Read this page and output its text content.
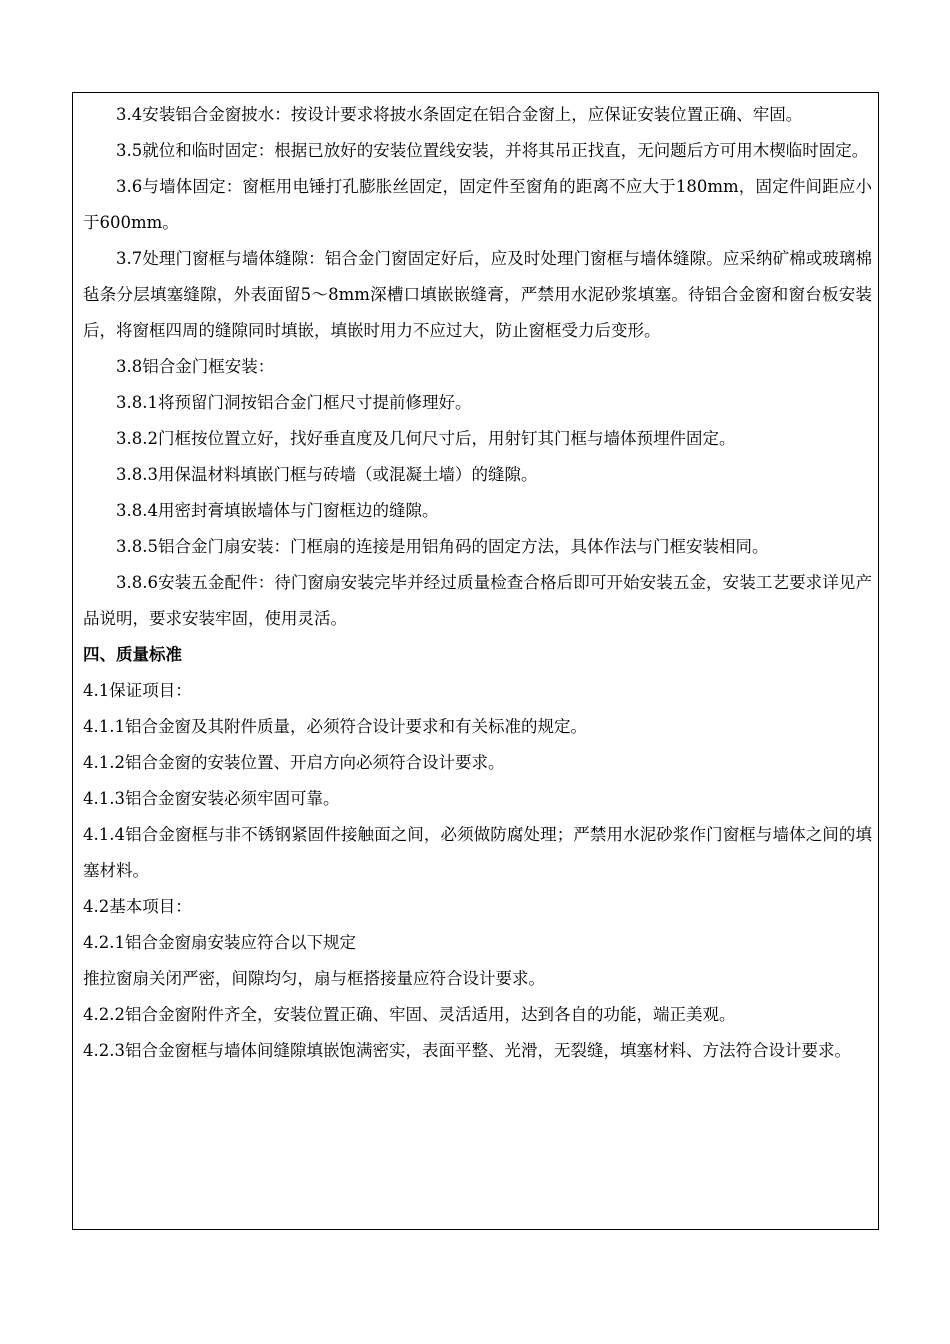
3.4安装铝合金窗披水：按设计要求将披水条固定在铝合金窗上，应保证安装位置正确、牢固。

3.5就位和临时固定：根据已放好的安装位置线安装，并将其吊正找直，无问题后方可用木楔临时固定。

3.6与墙体固定：窗框用电锤打孔膨胀丝固定，固定件至窗角的距离不应大于180mm，固定件间距应小于600mm。

3.7处理门窗框与墙体缝隙：铝合金门窗固定好后，应及时处理门窗框与墙体缝隙。应采纳矿棉或玻璃棉毡条分层填塞缝隙，外表面留5～8mm深槽口填嵌嵌缝膏，严禁用水泥砂浆填塞。待铝合金窗和窗台板安装后，将窗框四周的缝隙同时填嵌，填嵌时用力不应过大，防止窗框受力后变形。

3.8铝合金门框安装：

3.8.1将预留门洞按铝合金门框尺寸提前修理好。

3.8.2门框按位置立好，找好垂直度及几何尺寸后，用射钉其门框与墙体预埋件固定。

3.8.3用保温材料填嵌门框与砖墙（或混凝土墙）的缝隙。

3.8.4用密封膏填嵌墙体与门窗框边的缝隙。

3.8.5铝合金门扇安装：门框扇的连接是用铝角码的固定方法，具体作法与门框安装相同。

3.8.6安装五金配件：待门窗扇安装完毕并经过质量检查合格后即可开始安装五金，安装工艺要求详见产品说明，要求安装牢固，使用灵活。

四、质量标准

4.1保证项目：

4.1.1铝合金窗及其附件质量，必须符合设计要求和有关标准的规定。

4.1.2铝合金窗的安装位置、开启方向必须符合设计要求。

4.1.3铝合金窗安装必须牢固可靠。

4.1.4铝合金窗框与非不锈钢紧固件接触面之间，必须做防腐处理；严禁用水泥砂浆作门窗框与墙体之间的填塞材料。

4.2基本项目：

4.2.1铝合金窗扇安装应符合以下规定

推拉窗扇关闭严密，间隙均匀，扇与框搭接量应符合设计要求。

4.2.2铝合金窗附件齐全，安装位置正确、牢固、灵活适用，达到各自的功能，端正美观。

4.2.3铝合金窗框与墙体间缝隙填嵌饱满密实，表面平整、光滑，无裂缝，填塞材料、方法符合设计要求。
